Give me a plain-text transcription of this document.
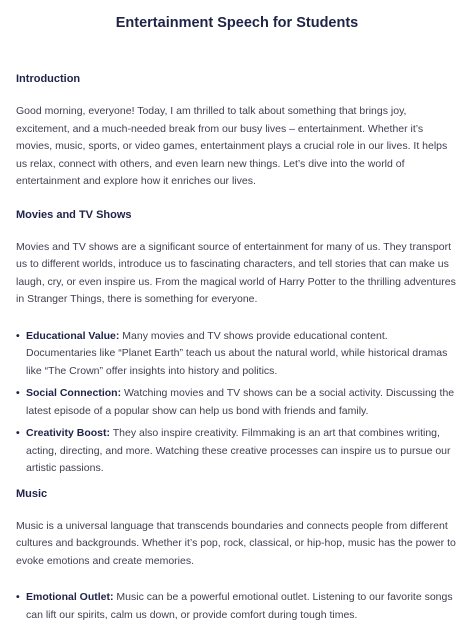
Entertainment Speech for Students
Introduction

Good morning, everyone! Today, I am thrilled to talk about something that brings joy, excitement, and a much-needed break from our busy lives – entertainment. Whether it’s movies, music, sports, or video games, entertainment plays a crucial role in our lives. It helps us relax, connect with others, and even learn new things. Let’s dive into the world of entertainment and explore how it enriches our lives.

Movies and TV Shows

Movies and TV shows are a significant source of entertainment for many of us. They transport us to different worlds, introduce us to fascinating characters, and tell stories that can make us laugh, cry, or even inspire us. From the magical world of Harry Potter to the thrilling adventures in Stranger Things, there is something for everyone.

• Educational Value: Many movies and TV shows provide educational content. Documentaries like “Planet Earth” teach us about the natural world, while historical dramas like “The Crown” offer insights into history and politics.
• Social Connection: Watching movies and TV shows can be a social activity. Discussing the latest episode of a popular show can help us bond with friends and family.
• Creativity Boost: They also inspire creativity. Filmmaking is an art that combines writing, acting, directing, and more. Watching these creative processes can inspire us to pursue our artistic passions.
Music

Music is a universal language that transcends boundaries and connects people from different cultures and backgrounds. Whether it’s pop, rock, classical, or hip-hop, music has the power to evoke emotions and create memories.

• Emotional Outlet: Music can be a powerful emotional outlet. Listening to our favorite songs can lift our spirits, calm us down, or provide comfort during tough times.
